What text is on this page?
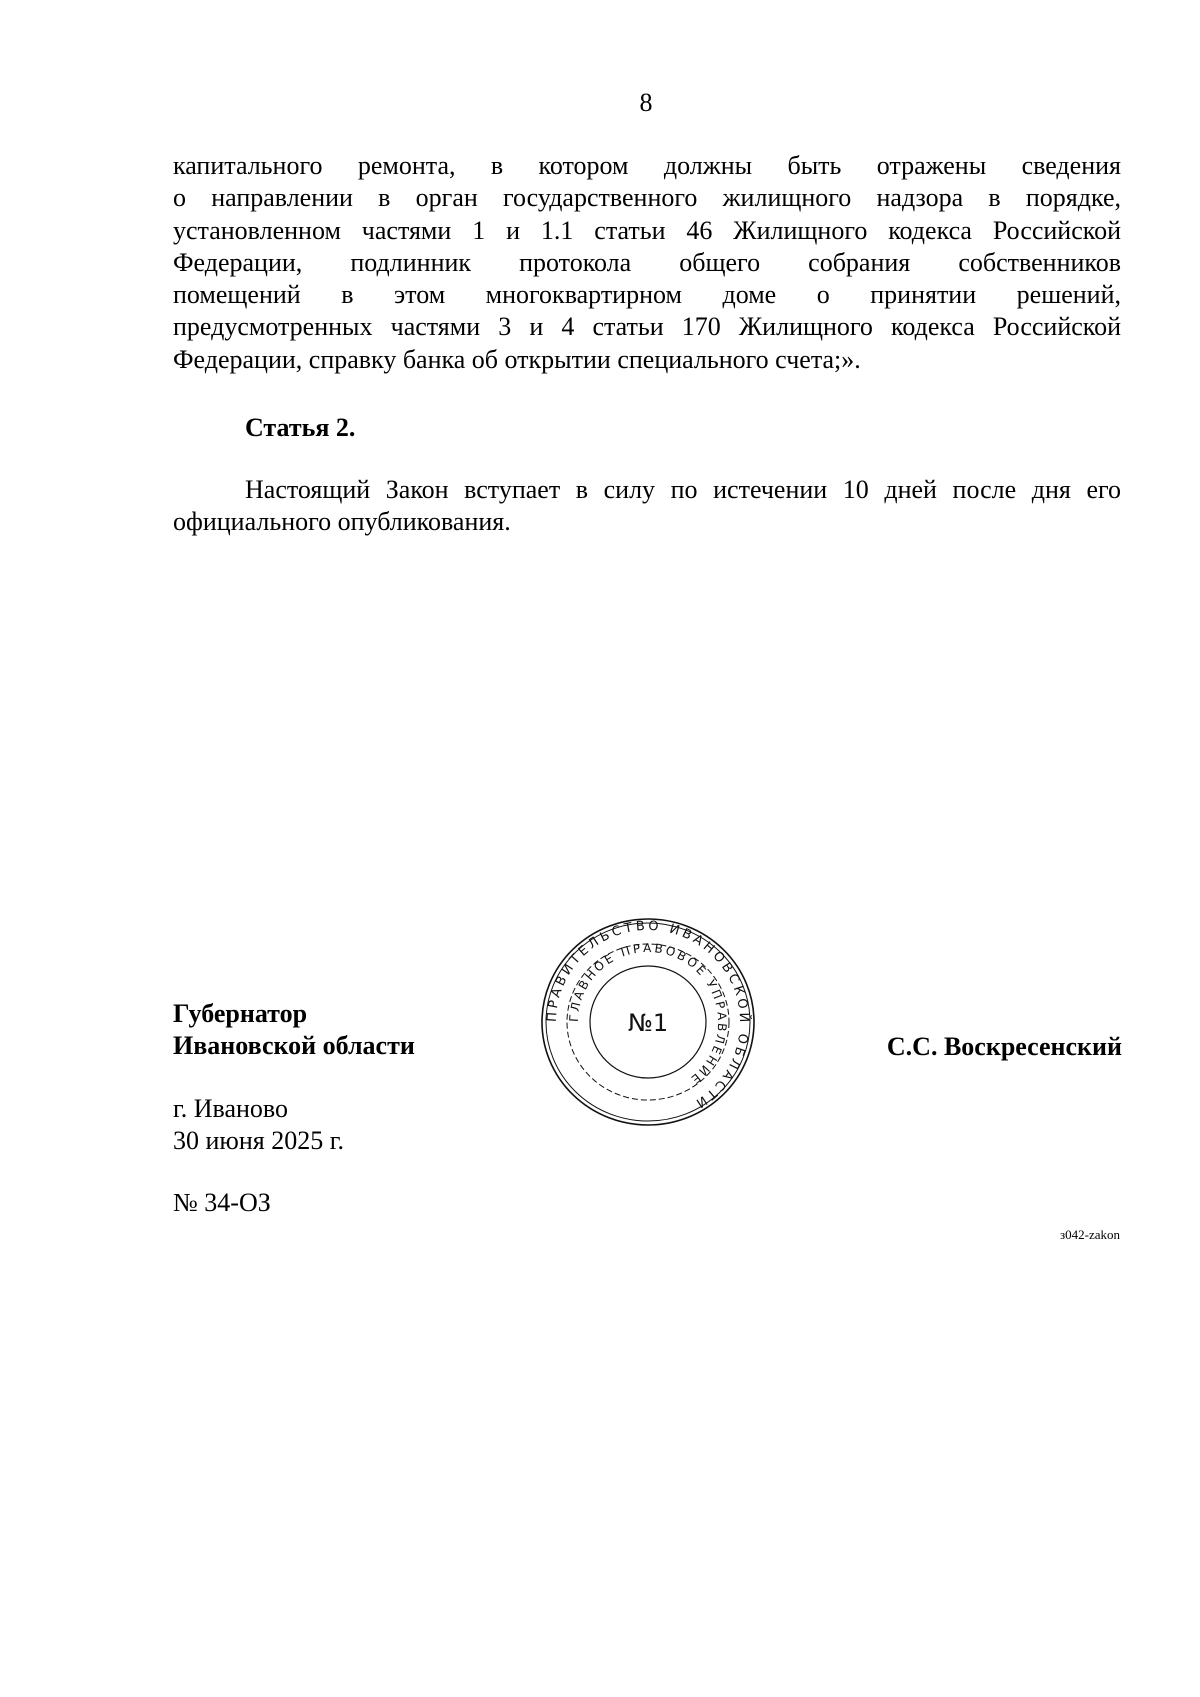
8
капитального ремонта, в котором должны быть отражены сведения
о направлении в орган государственного жилищного надзора в порядке,
установленном частями 1 и 1.1 статьи 46 Жилищного кодекса Российской
Федерации, подлинник протокола общего собрания собственников
помещений в этом многоквартирном доме о принятии решений,
предусмотренных частями 3 и 4 статьи 170 Жилищного кодекса Российской
Федерации, справку банка об открытии специального счета;».
Статья 2.
Настоящий Закон вступает в силу по истечении 10 дней после дня его
официального опубликования.
Губернатор
Ивановской области
ПРАВИТЕЛЬСТВО ИВАНОВСКОЙ ОБЛАСТИ
ГЛАВНОЕ ПРАВОВОЕ УПРАВЛЕНИЕ
№1
С.С. Воскресенский
г. Иваново
30 июня 2025 г.
№ 34-ОЗ
з042-zakon
